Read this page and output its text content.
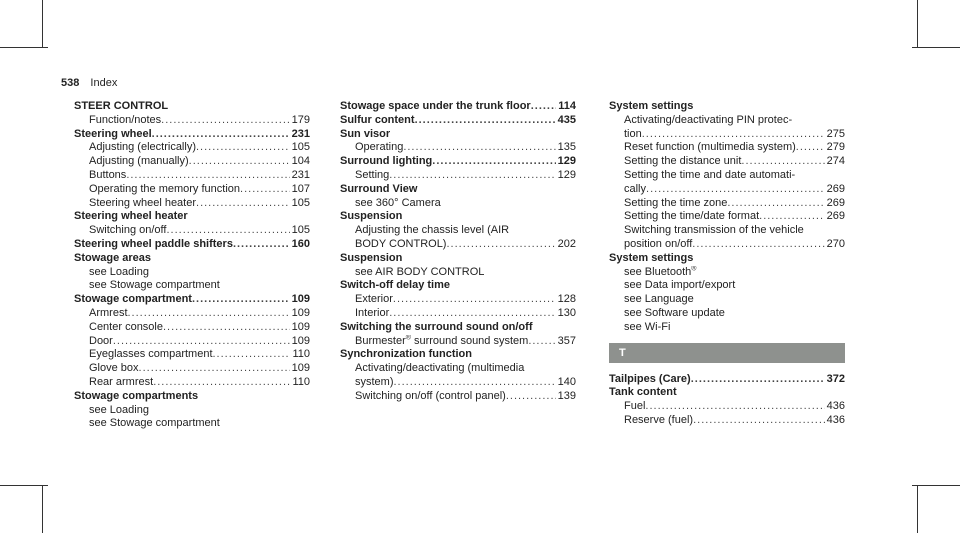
538 Index
STEER CONTROL
Function/notes .....	179
Steering wheel .....	231
Adjusting (electrically) .....	105
Adjusting (manually) .....	104
Buttons .....	231
Operating the memory function .....	107
Steering wheel heater .....	105
Steering wheel heater
Switching on/off .....	105
Steering wheel paddle shifters .....	160
Stowage areas
see Loading
see Stowage compartment
Stowage compartment .....	109
Armrest .....	109
Center console .....	109
Door .....	109
Eyeglasses compartment .....	110
Glove box .....	109
Rear armrest .....	110
Stowage compartments
see Loading
see Stowage compartment
Stowage space under the trunk floor .....	114
Sulfur content .....	435
Sun visor
Operating .....	135
Surround lighting .....	129
Setting .....	129
Surround View
see 360° Camera
Suspension
Adjusting the chassis level (AIR
BODY CONTROL) .....	202
Suspension
see AIR BODY CONTROL
Switch-off delay time
Exterior .....	128
Interior .....	130
Switching the surround sound on/off
Burmester® surround sound system .....	357
Synchronization function
Activating/deactivating (multimedia
system) .....	140
Switching on/off (control panel) .....	139
System settings
Activating/deactivating PIN protec-
tion .....	275
Reset function (multimedia system) .....	279
Setting the distance unit .....	274
Setting the time and date automati-
cally .....	269
Setting the time zone .....	269
Setting the time/date format .....	269
Switching transmission of the vehicle
position on/off .....	270
System settings
see Bluetooth®
see Data import/export
see Language
see Software update
see Wi-Fi
T
Tailpipes (Care) .....	372
Tank content
Fuel .....	436
Reserve (fuel) .....	436
